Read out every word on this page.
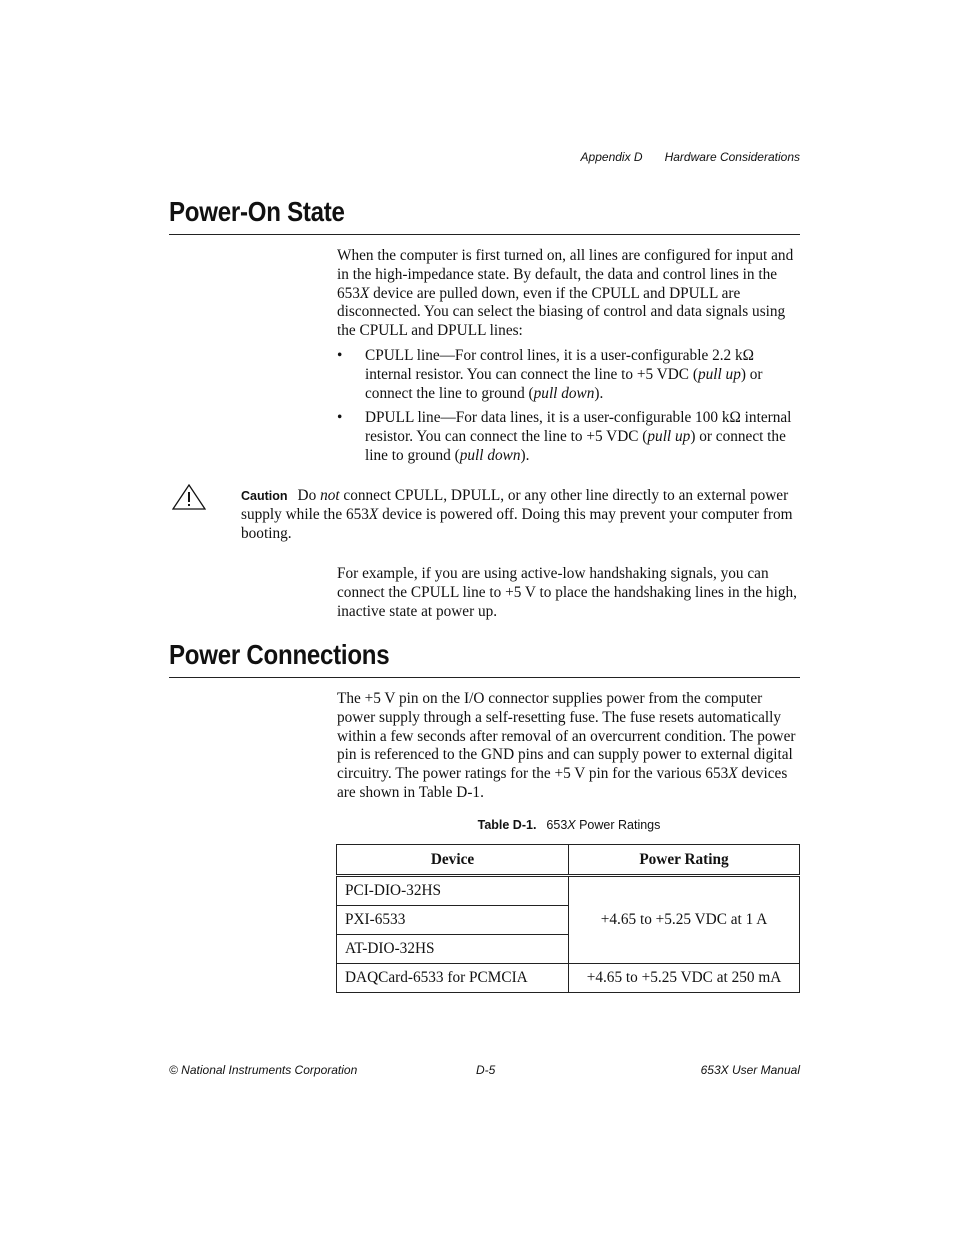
Appendix D Hardware Considerations
Power-On State

When the computer is first turned on, all lines are configured for input and in the high-impedance state. By default, the data and control lines in the 653X device are pulled down, even if the CPULL and DPULL are disconnected. You can select the biasing of control and data signals using the CPULL and DPULL lines:

• CPULL line—For control lines, it is a user-configurable 2.2 kΩ internal resistor. You can connect the line to +5 VDC (pull up) or connect the line to ground (pull down).
• DPULL line—For data lines, it is a user-configurable 100 kΩ internal resistor. You can connect the line to +5 VDC (pull up) or connect the line to ground (pull down).

Caution Do not connect CPULL, DPULL, or any other line directly to an external power supply while the 653X device is powered off. Doing this may prevent your computer from booting.

For example, if you are using active-low handshaking signals, you can connect the CPULL line to +5 V to place the handshaking lines in the high, inactive state at power up.

Power Connections

The +5 V pin on the I/O connector supplies power from the computer power supply through a self-resetting fuse. The fuse resets automatically within a few seconds after removal of an overcurrent condition. The power pin is referenced to the GND pins and can supply power to external digital circuitry. The power ratings for the +5 V pin for the various 653X devices are shown in Table D-1.

Table D-1. 653X Power Ratings
Device	Power Rating
PCI-DIO-32HS	+4.65 to +5.25 VDC at 1 A
PXI-6533	
AT-DIO-32HS	
DAQCard-6533 for PCMCIA	+4.65 to +5.25 VDC at 250 mA
© National Instruments Corporation	D-5	653X User Manual
